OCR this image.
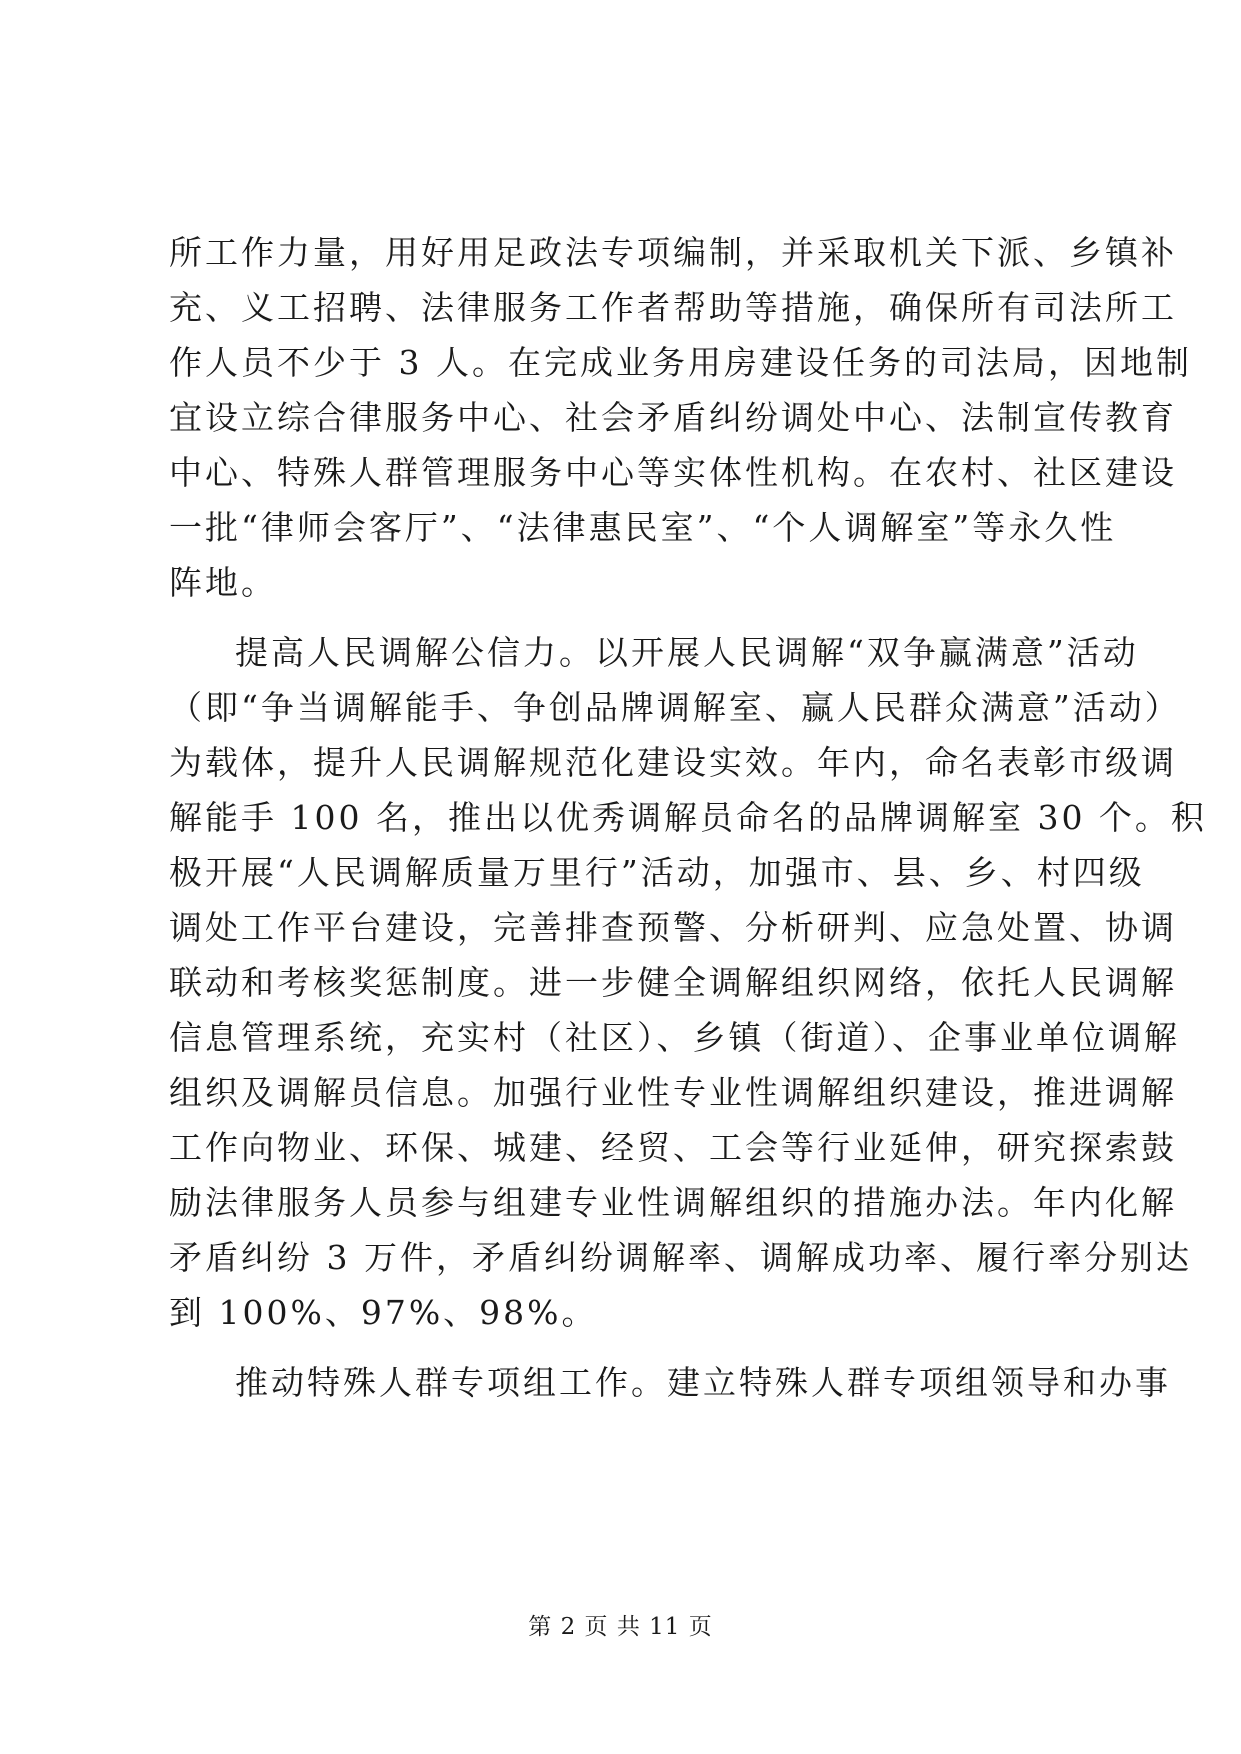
所工作力量，用好用足政法专项编制，并采取机关下派、乡镇补
充、义工招聘、法律服务工作者帮助等措施，确保所有司法所工
作人员不少于 3 人。在完成业务用房建设任务的司法局，因地制
宜设立综合律服务中心、社会矛盾纠纷调处中心、法制宣传教育
中心、特殊人群管理服务中心等实体性机构。在农村、社区建设
一批“律师会客厅”、“法律惠民室”、“个人调解室”等永久性
阵地。
提高人民调解公信力。以开展人民调解“双争赢满意”活动
（即“争当调解能手、争创品牌调解室、赢人民群众满意”活动）
为载体，提升人民调解规范化建设实效。年内，命名表彰市级调
解能手 100 名，推出以优秀调解员命名的品牌调解室 30 个。积
极开展“人民调解质量万里行”活动，加强市、县、乡、村四级
调处工作平台建设，完善排查预警、分析研判、应急处置、协调
联动和考核奖惩制度。进一步健全调解组织网络，依托人民调解
信息管理系统，充实村（社区）、乡镇（街道）、企事业单位调解
组织及调解员信息。加强行业性专业性调解组织建设，推进调解
工作向物业、环保、城建、经贸、工会等行业延伸，研究探索鼓
励法律服务人员参与组建专业性调解组织的措施办法。年内化解
矛盾纠纷 3 万件，矛盾纠纷调解率、调解成功率、履行率分别达
到 100%、97%、98%。
推动特殊人群专项组工作。建立特殊人群专项组领导和办事
第 2 页 共 11 页
